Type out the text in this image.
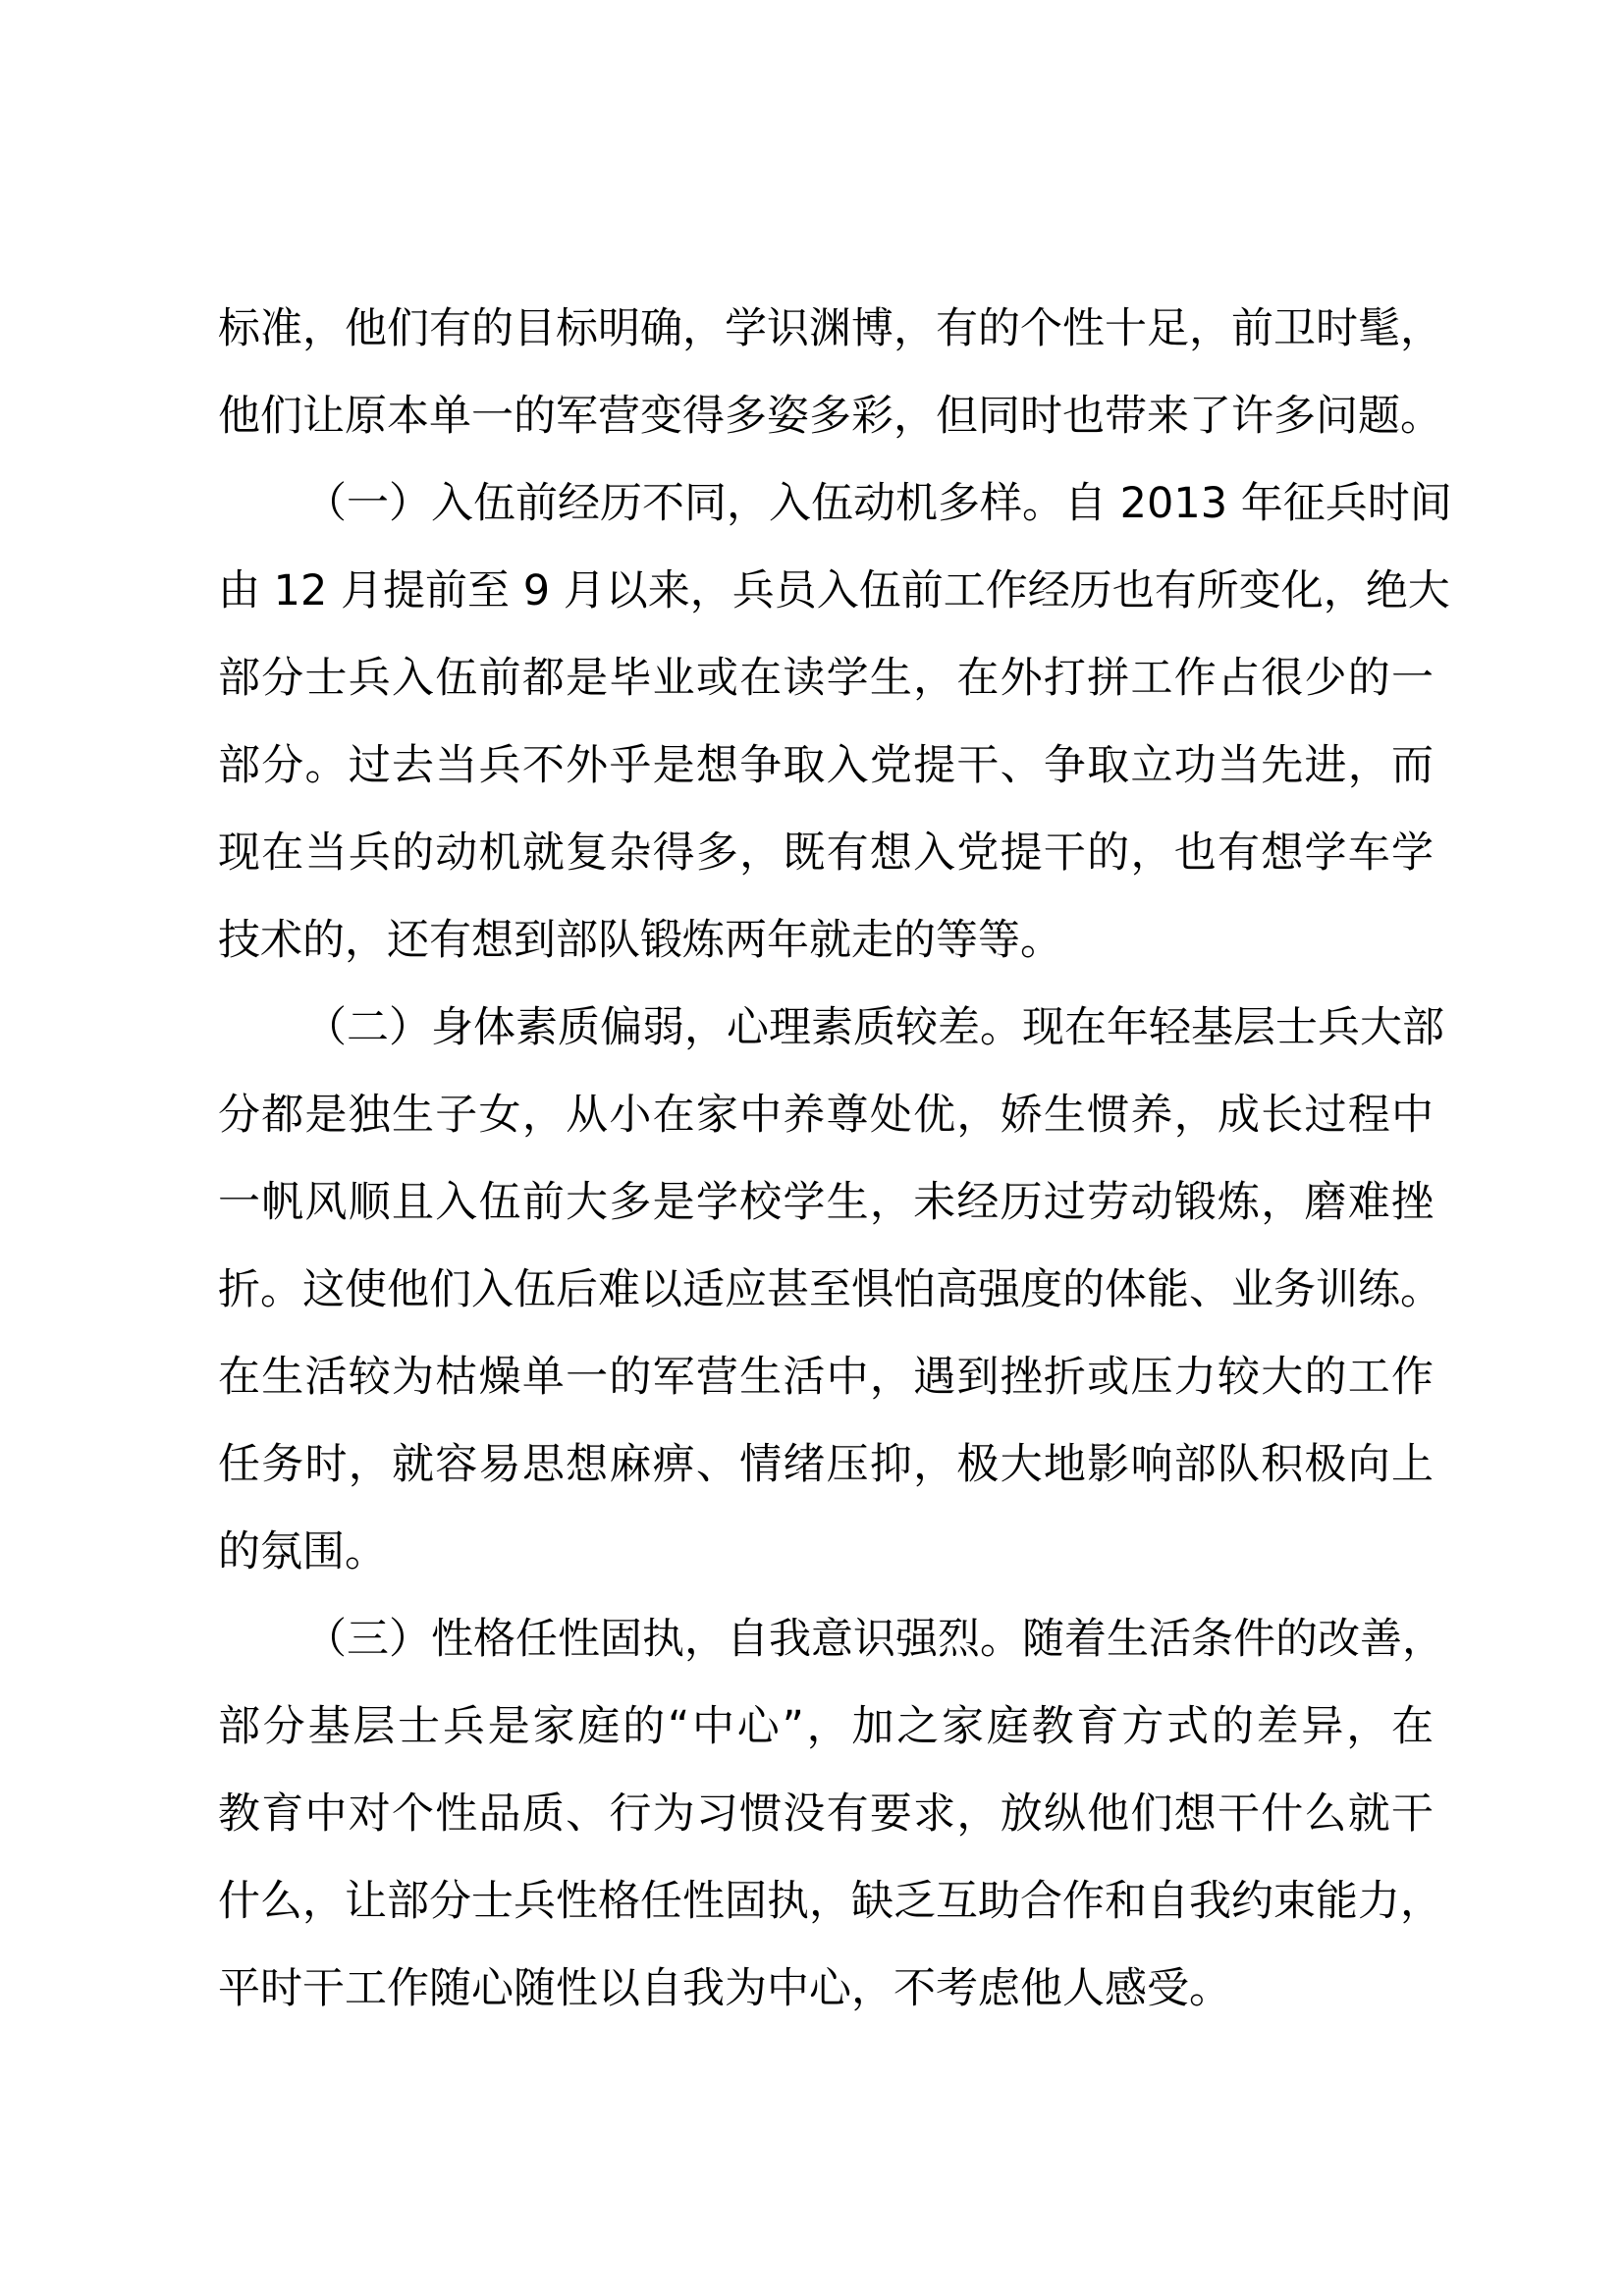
标准，他们有的目标明确，学识渊博，有的个性十足，前卫时髦，
他们让原本单一的军营变得多姿多彩，但同时也带来了许多问题。
（一）入伍前经历不同，入伍动机多样。自 2013 年征兵时间
由 12 月提前至 9 月以来，兵员入伍前工作经历也有所变化，绝大
部分士兵入伍前都是毕业或在读学生，在外打拼工作占很少的一
部分。过去当兵不外乎是想争取入党提干、争取立功当先进，而
现在当兵的动机就复杂得多，既有想入党提干的，也有想学车学
技术的，还有想到部队锻炼两年就走的等等。
（二）身体素质偏弱，心理素质较差。现在年轻基层士兵大部
分都是独生子女，从小在家中养尊处优，娇生惯养，成长过程中
一帆风顺且入伍前大多是学校学生，未经历过劳动锻炼，磨难挫
折。这使他们入伍后难以适应甚至惧怕高强度的体能、业务训练。
在生活较为枯燥单一的军营生活中，遇到挫折或压力较大的工作
任务时，就容易思想麻痹、情绪压抑，极大地影响部队积极向上
的氛围。
（三）性格任性固执，自我意识强烈。随着生活条件的改善，
部分基层士兵是家庭的“中心”，加之家庭教育方式的差异，在
教育中对个性品质、行为习惯没有要求，放纵他们想干什么就干
什么，让部分士兵性格任性固执，缺乏互助合作和自我约束能力，
平时干工作随心随性以自我为中心，不考虑他人感受。
